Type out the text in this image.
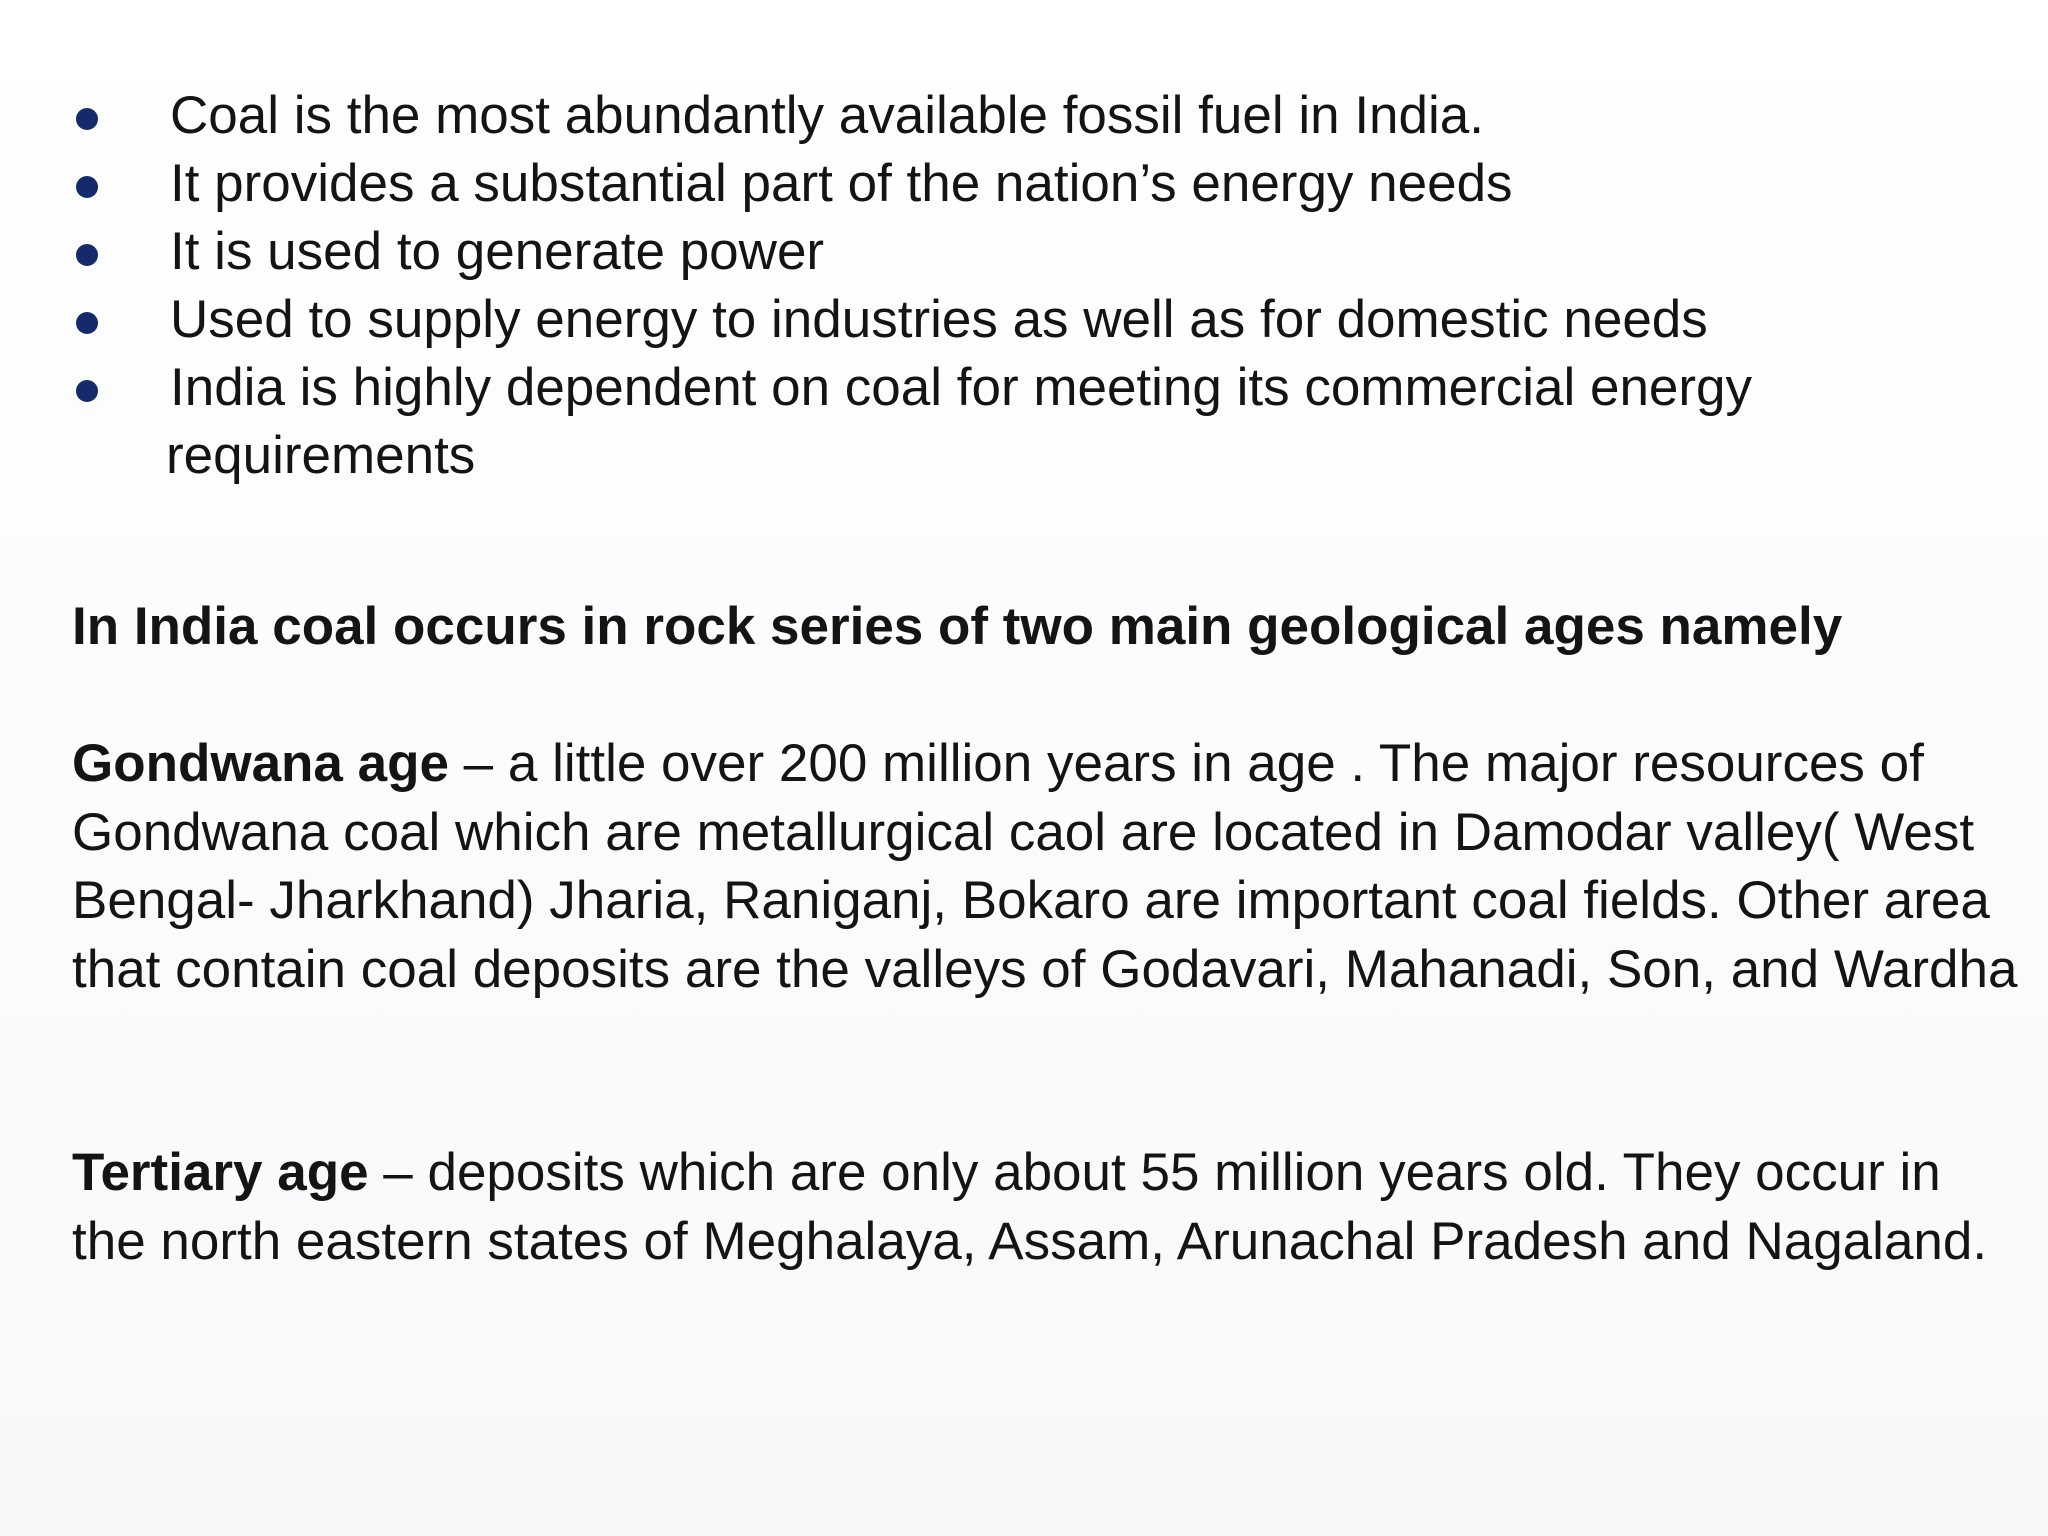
Coal is the most abundantly available fossil fuel in India.
It provides a substantial part of the nation’s energy needs
It is used to generate power
Used to supply energy to industries as well as for domestic needs
India is highly dependent on coal for meeting its commercial energy
requirements

In India coal occurs in rock series of two main geological ages namely

Gondwana age – a little over 200 million years in age . The major resources of Gondwana coal which are metallurgical caol are located in Damodar valley( West Bengal- Jharkhand) Jharia, Raniganj, Bokaro are important coal fields. Other area that contain coal deposits are the valleys of Godavari, Mahanadi, Son, and Wardha

Tertiary age – deposits which are only about 55 million years old. They occur in the north eastern states of Meghalaya, Assam, Arunachal Pradesh and Nagaland.
